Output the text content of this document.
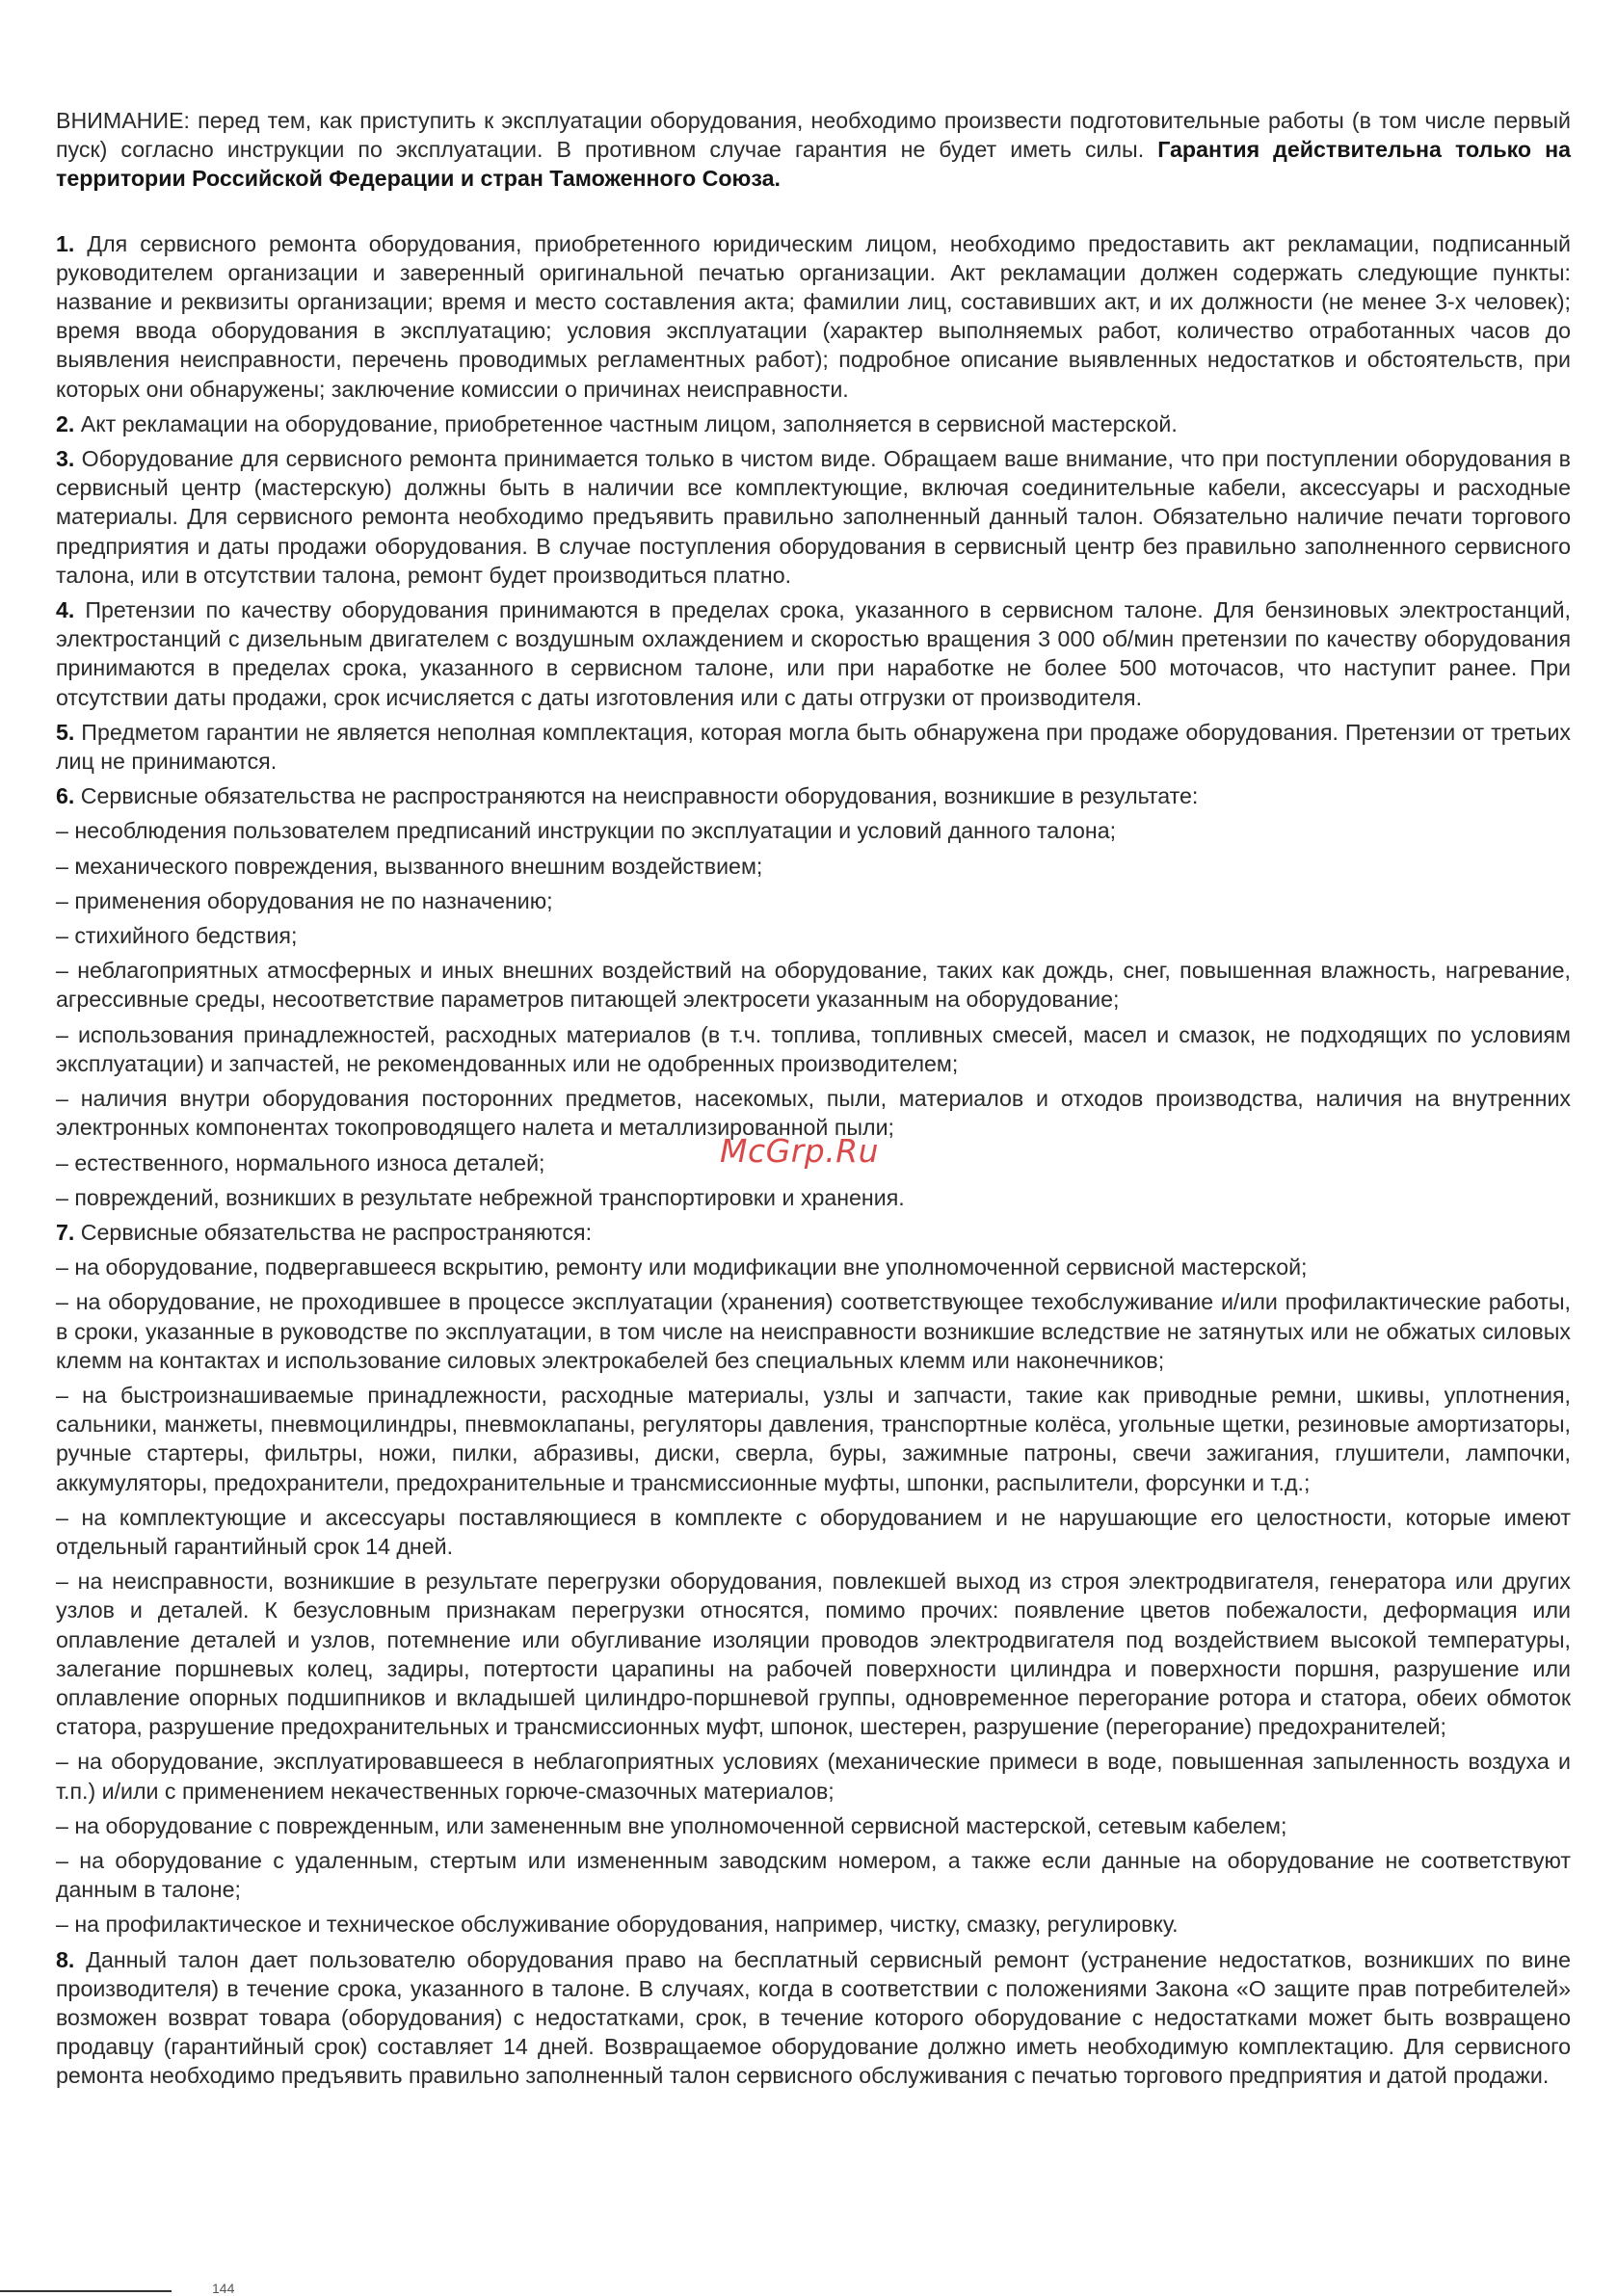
ВНИМАНИЕ: перед тем, как приступить к эксплуатации оборудования, необходимо произвести подготовительные работы (в том числе первый пуск) согласно инструкции по эксплуатации. В противном случае гарантия не будет иметь силы. Гарантия действительна только на территории Российской Федерации и стран Таможенного Союза.

1. Для сервисного ремонта оборудования, приобретенного юридическим лицом, необходимо предоставить акт рекламации, подписанный руководителем организации и заверенный оригинальной печатью организации. Акт рекламации должен содержать следующие пункты: название и реквизиты организации; время и место составления акта; фамилии лиц, составивших акт, и их должности (не менее 3-х человек); время ввода оборудования в эксплуатацию; условия эксплуатации (характер выполняемых работ, количество отработанных часов до выявления неисправности, перечень проводимых регламентных работ); подробное описание выявленных недостатков и обстоятельств, при которых они обнаружены; заключение комиссии о причинах неисправности.

2. Акт рекламации на оборудование, приобретенное частным лицом, заполняется в сервисной мастерской.

3. Оборудование для сервисного ремонта принимается только в чистом виде. Обращаем ваше внимание, что при поступлении оборудования в сервисный центр (мастерскую) должны быть в наличии все комплектующие, включая соединительные кабели, аксессуары и расходные материалы. Для сервисного ремонта необходимо предъявить правильно заполненный данный талон. Обязательно наличие печати торгового предприятия и даты продажи оборудования. В случае поступления оборудования в сервисный центр без правильно заполненного сервисного талона, или в отсутствии талона, ремонт будет производиться платно.

4. Претензии по качеству оборудования принимаются в пределах срока, указанного в сервисном талоне. Для бензиновых электростанций, электростанций с дизельным двигателем с воздушным охлаждением и скоростью вращения 3 000 об/мин претензии по качеству оборудования принимаются в пределах срока, указанного в сервисном талоне, или при наработке не более 500 моточасов, что наступит ранее. При отсутствии даты продажи, срок исчисляется с даты изготовления или с даты отгрузки от производителя.

5. Предметом гарантии не является неполная комплектация, которая могла быть обнаружена при продаже оборудования. Претензии от третьих лиц не принимаются.

6. Сервисные обязательства не распространяются на неисправности оборудования, возникшие в результате:

– несоблюдения пользователем предписаний инструкции по эксплуатации и условий данного талона;

– механического повреждения, вызванного внешним воздействием;

– применения оборудования не по назначению;

– стихийного бедствия;

– неблагоприятных атмосферных и иных внешних воздействий на оборудование, таких как дождь, снег, повышенная влажность, нагревание, агрессивные среды, несоответствие параметров питающей электросети указанным на оборудование;

– использования принадлежностей, расходных материалов (в т.ч. топлива, топливных смесей, масел и смазок, не подходящих по условиям эксплуатации) и запчастей, не рекомендованных или не одобренных производителем;

– наличия внутри оборудования посторонних предметов, насекомых, пыли, материалов и отходов производства, наличия на внутренних электронных компонентах токопроводящего налета и металлизированной пыли;

– естественного, нормального износа деталей;

– повреждений, возникших в результате небрежной транспортировки и хранения.

7. Сервисные обязательства не распространяются:

– на оборудование, подвергавшееся вскрытию, ремонту или модификации вне уполномоченной сервисной мастерской;

– на оборудование, не проходившее в процессе эксплуатации (хранения) соответствующее техобслуживание и/или профилактические работы, в сроки, указанные в руководстве по эксплуатации, в том числе на неисправности возникшие вследствие не затянутых или не обжатых силовых клемм на контактах и использование силовых электрокабелей без специальных клемм или наконечников;

– на быстроизнашиваемые принадлежности, расходные материалы, узлы и запчасти, такие как приводные ремни, шкивы, уплотнения, сальники, манжеты, пневмоцилиндры, пневмоклапаны, регуляторы давления, транспортные колёса, угольные щетки, резиновые амортизаторы, ручные стартеры, фильтры, ножи, пилки, абразивы, диски, сверла, буры, зажимные патроны, свечи зажигания, глушители, лампочки, аккумуляторы, предохранители, предохранительные и трансмиссионные муфты, шпонки, распылители, форсунки и т.д.;

– на комплектующие и аксессуары поставляющиеся в комплекте с оборудованием и не нарушающие его целостности, которые имеют отдельный гарантийный срок 14 дней.

– на неисправности, возникшие в результате перегрузки оборудования, повлекшей выход из строя электродвигателя, генератора или других узлов и деталей. К безусловным признакам перегрузки относятся, помимо прочих: появление цветов побежалости, деформация или оплавление деталей и узлов, потемнение или обугливание изоляции проводов электродвигателя под воздействием высокой температуры, залегание поршневых колец, задиры, потертости царапины на рабочей поверхности цилиндра и поверхности поршня, разрушение или оплавление опорных подшипников и вкладышей цилиндро-поршневой группы, одновременное перегорание ротора и статора, обеих обмоток статора, разрушение предохранительных и трансмиссионных муфт, шпонок, шестерен, разрушение (перегорание) предохранителей;

– на оборудование, эксплуатировавшееся в неблагоприятных условиях (механические примеси в воде, повышенная запыленность воздуха и т.п.) и/или с применением некачественных горюче-смазочных материалов;

– на оборудование с поврежденным, или замененным вне уполномоченной сервисной мастерской, сетевым кабелем;

– на оборудование с удаленным, стертым или измененным заводским номером, а также если данные на оборудование не соответствуют данным в талоне;

– на профилактическое и техническое обслуживание оборудования, например, чистку, смазку, регулировку.

8. Данный талон дает пользователю оборудования право на бесплатный сервисный ремонт (устранение недостатков, возникших по вине производителя) в течение срока, указанного в талоне. В случаях, когда в соответствии с положениями Закона «О защите прав потребителей» возможен возврат товара (оборудования) с недостатками, срок, в течение которого оборудование с недостатками может быть возвращено продавцу (гарантийный срок) составляет 14 дней. Возвращаемое оборудование должно иметь необходимую комплектацию. Для сервисного ремонта необходимо предъявить правильно заполненный талон сервисного обслуживания с печатью торгового предприятия и датой продажи.

McGrp.Ru
144
